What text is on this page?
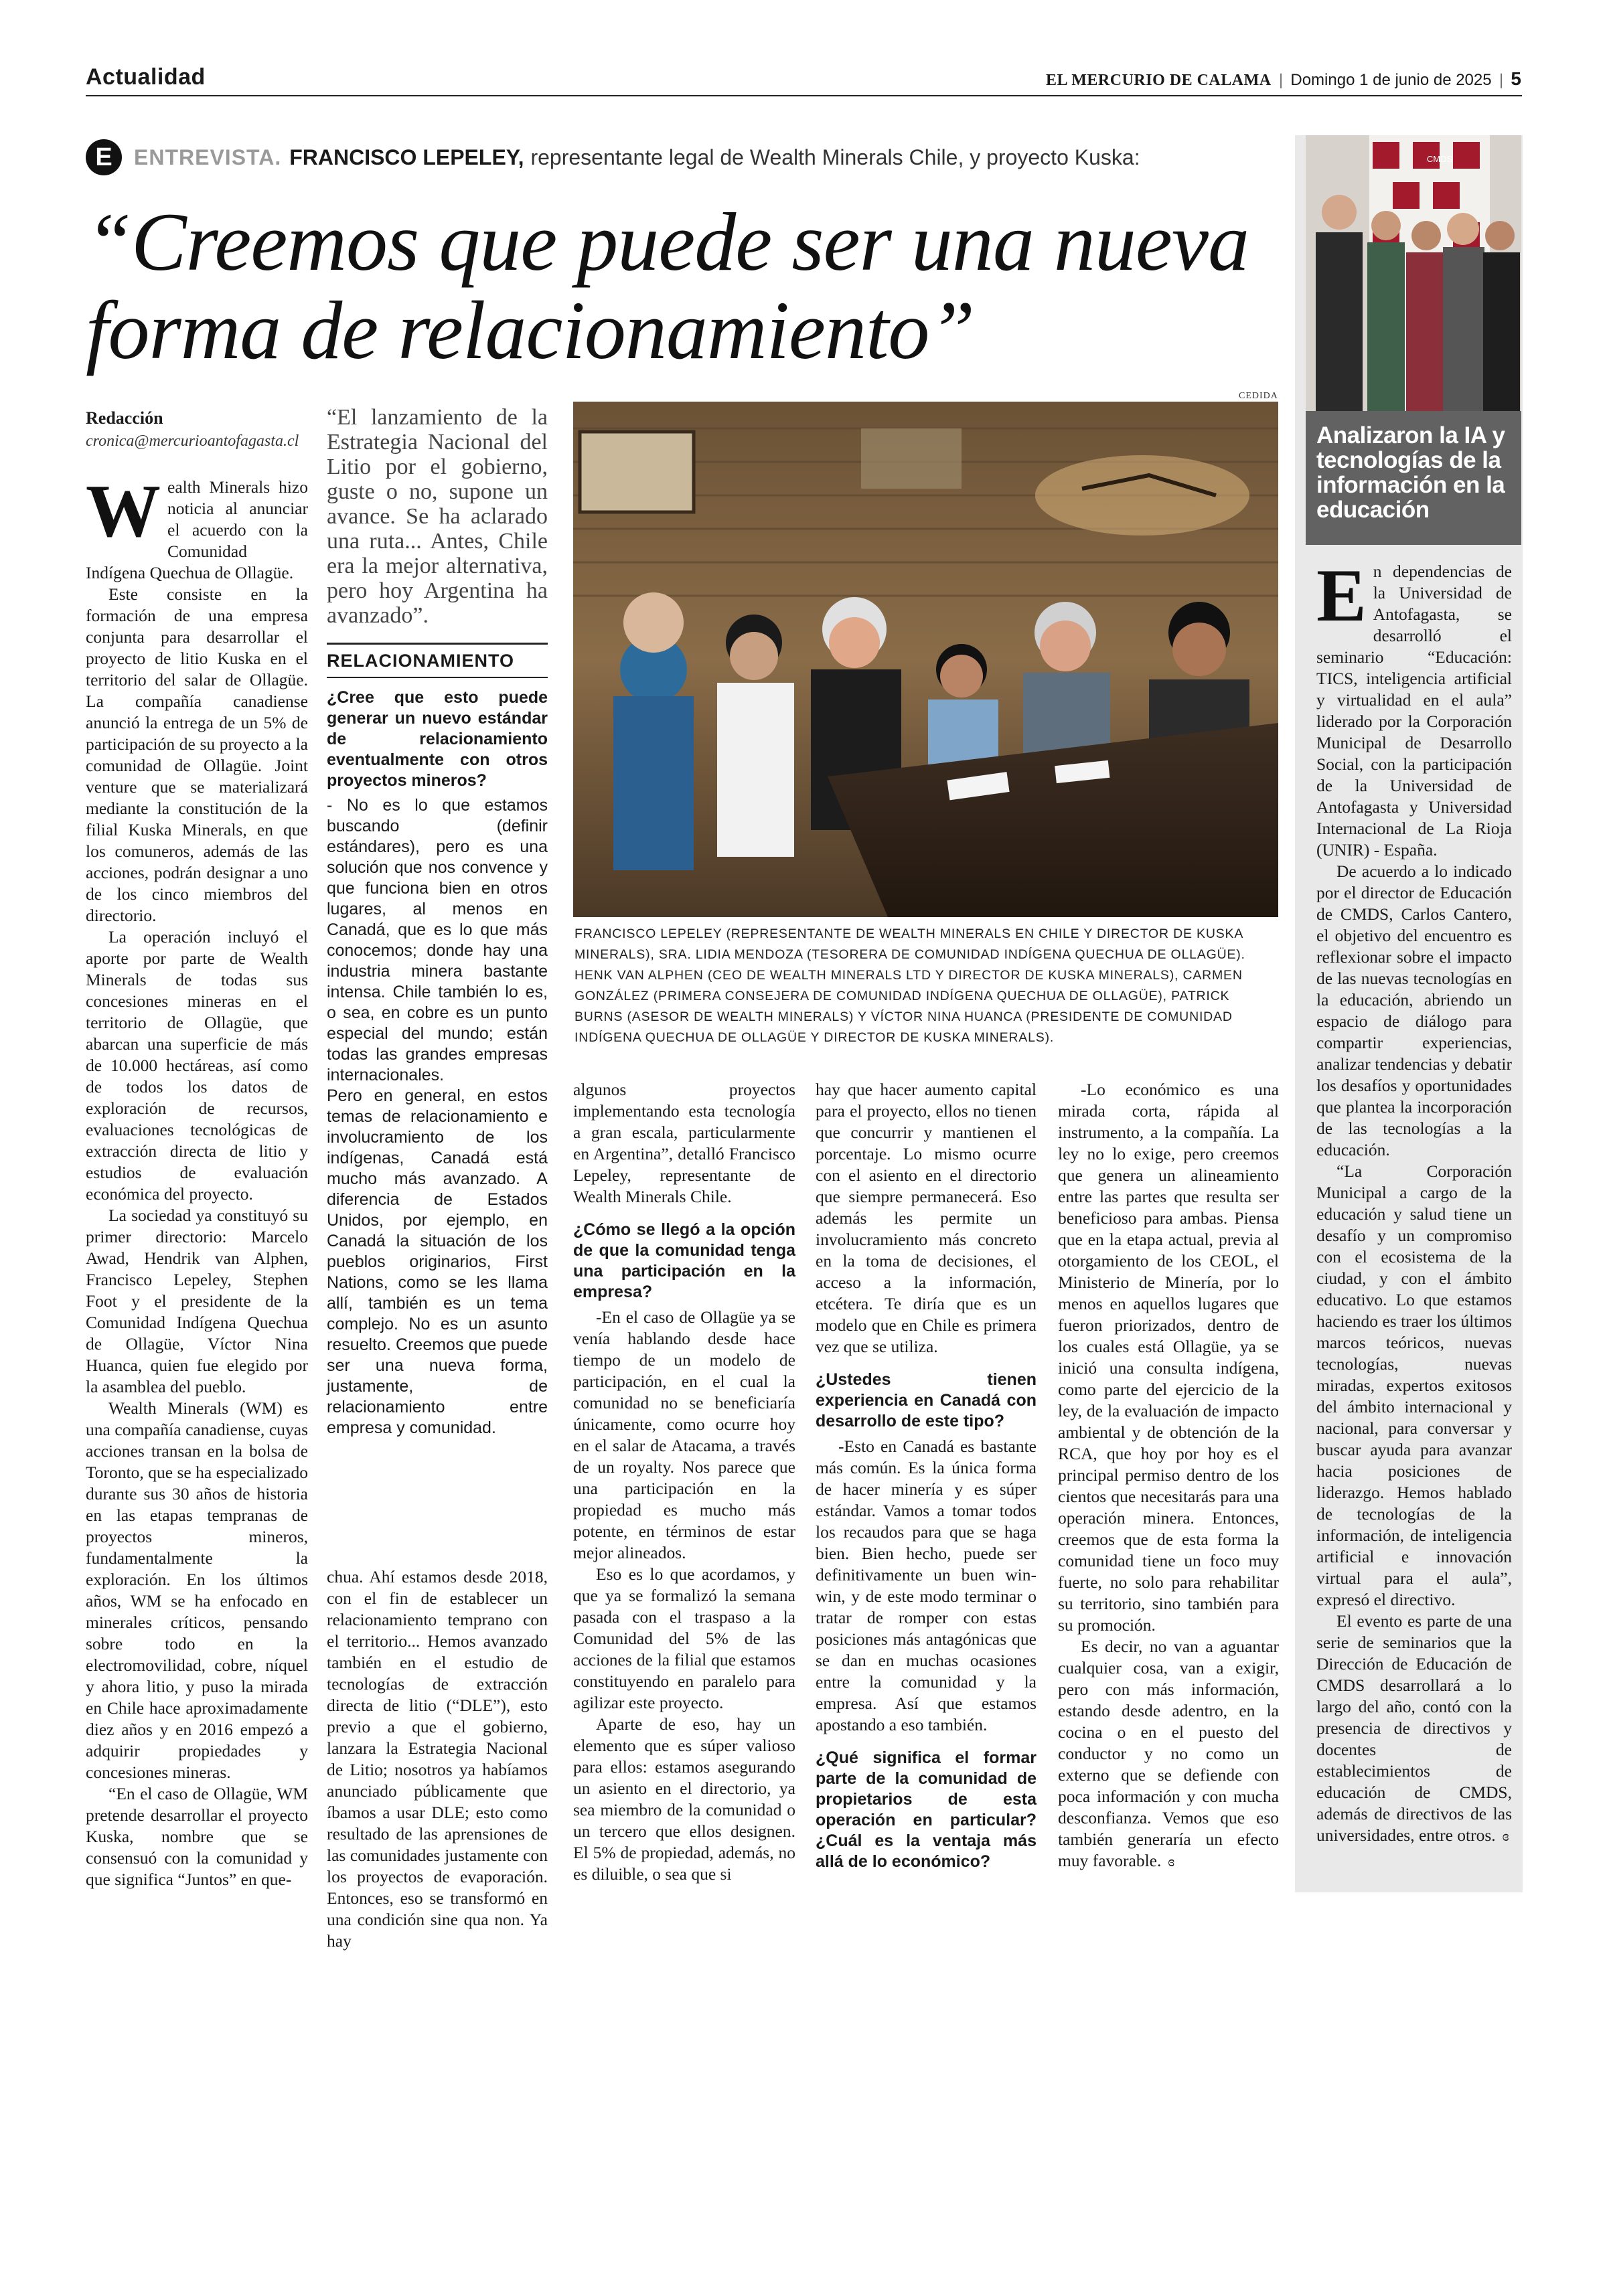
Actualidad	EL MERCURIO DE CALAMA | Domingo 1 de junio de 2025 | 5
E	ENTREVISTA. FRANCISCO LEPELEY, representante legal de Wealth Minerals Chile, y proyecto Kuska:
“Creemos que puede ser una nueva forma de relacionamiento”
Redacción
cronica@mercurioantofagasta.cl

Wealth Minerals hizo noticia al anunciar el acuerdo con la Comunidad Indígena Quechua de Ollagüe.

Este consiste en la formación de una empresa conjunta para desarrollar el proyecto de litio Kuska en el territorio del salar de Ollagüe. La compañía canadiense anunció la entrega de un 5% de participación de su proyecto a la comunidad de Ollagüe. Joint venture que se materializará mediante la constitución de la filial Kuska Minerals, en que los comuneros, además de las acciones, podrán designar a uno de los cinco miembros del directorio.

La operación incluyó el aporte por parte de Wealth Minerals de todas sus concesiones mineras en el territorio de Ollagüe, que abarcan una superficie de más de 10.000 hectáreas, así como de todos los datos de exploración de recursos, evaluaciones tecnológicas de extracción directa de litio y estudios de evaluación económica del proyecto.

La sociedad ya constituyó su primer directorio: Marcelo Awad, Hendrik van Alphen, Francisco Lepeley, Stephen Foot y el presidente de la Comunidad Indígena Quechua de Ollagüe, Víctor Nina Huanca, quien fue elegido por la asamblea del pueblo.

Wealth Minerals (WM) es una compañía canadiense, cuyas acciones transan en la bolsa de Toronto, que se ha especializado durante sus 30 años de historia en las etapas tempranas de proyectos mineros, fundamentalmente la exploración. En los últimos años, WM se ha enfocado en minerales críticos, pensando sobre todo en la electromovilidad, cobre, níquel y ahora litio, y puso la mirada en Chile hace aproximadamente diez años y en 2016 empezó a adquirir propiedades y concesiones mineras.

“En el caso de Ollagüe, WM pretende desarrollar el proyecto Kuska, nombre que se consensuó con la comunidad y que significa “Juntos” en que-

“El lanzamiento de la Estrategia Nacional del Litio por el gobierno, guste o no, supone un avance. Se ha aclarado una ruta... Antes, Chile era la mejor alternativa, pero hoy Argentina ha avanzado”.

RELACIONAMIENTO

¿Cree que esto puede generar un nuevo estándar de relacionamiento eventualmente con otros proyectos mineros?

- No es lo que estamos buscando (definir estándares), pero es una solución que nos convence y que funciona bien en otros lugares, al menos en Canadá, que es lo que más conocemos; donde hay una industria minera bastante intensa. Chile también lo es, o sea, en cobre es un punto especial del mundo; están todas las grandes empresas internacionales.

Pero en general, en estos temas de relacionamiento e involucramiento de los indígenas, Canadá está mucho más avanzado. A diferencia de Estados Unidos, por ejemplo, en Canadá la situación de los pueblos originarios, First Nations, como se les llama allí, también es un tema complejo. No es un asunto resuelto. Creemos que puede ser una nueva forma, justamente, de relacionamiento entre empresa y comunidad.

chua. Ahí estamos desde 2018, con el fin de establecer un relacionamiento temprano con el territorio... Hemos avanzado también en el estudio de tecnologías de extracción directa de litio (“DLE”), esto previo a que el gobierno, lanzara la Estrategia Nacional de Litio; nosotros ya habíamos anunciado públicamente que íbamos a usar DLE; esto como resultado de las aprensiones de las comunidades justamente con los proyectos de evaporación. Entonces, eso se transformó en una condición sine qua non. Ya hay

CEDIDA
FRANCISCO LEPELEY (REPRESENTANTE DE WEALTH MINERALS EN CHILE Y DIRECTOR DE KUSKA MINERALS), SRA. LIDIA MENDOZA (TESORERA DE COMUNIDAD INDÍGENA QUECHUA DE OLLAGÜE). HENK VAN ALPHEN (CEO DE WEALTH MINERALS LTD Y DIRECTOR DE KUSKA MINERALS), CARMEN GONZÁLEZ (PRIMERA CONSEJERA DE COMUNIDAD INDÍGENA QUECHUA DE OLLAGÜE), PATRICK BURNS (ASESOR DE WEALTH MINERALS) Y VÍCTOR NINA HUANCA (PRESIDENTE DE COMUNIDAD INDÍGENA QUECHUA DE OLLAGÜE Y DIRECTOR DE KUSKA MINERALS).

algunos proyectos implementando esta tecnología a gran escala, particularmente en Argentina”, detalló Francisco Lepeley, representante de Wealth Minerals Chile.

¿Cómo se llegó a la opción de que la comunidad tenga una participación en la empresa?

-En el caso de Ollagüe ya se venía hablando desde hace tiempo de un modelo de participación, en el cual la comunidad no se beneficiaría únicamente, como ocurre hoy en el salar de Atacama, a través de un royalty. Nos parece que una participación en la propiedad es mucho más potente, en términos de estar mejor alineados.

Eso es lo que acordamos, y que ya se formalizó la semana pasada con el traspaso a la Comunidad del 5% de las acciones de la filial que estamos constituyendo en paralelo para agilizar este proyecto.

Aparte de eso, hay un elemento que es súper valioso para ellos: estamos asegurando un asiento en el directorio, ya sea miembro de la comunidad o un tercero que ellos designen. El 5% de propiedad, además, no es diluible, o sea que si

hay que hacer aumento capital para el proyecto, ellos no tienen que concurrir y mantienen el porcentaje. Lo mismo ocurre con el asiento en el directorio que siempre permanecerá. Eso además les permite un involucramiento más concreto en la toma de decisiones, el acceso a la información, etcétera. Te diría que es un modelo que en Chile es primera vez que se utiliza.

¿Ustedes tienen experiencia en Canadá con desarrollo de este tipo?

-Esto en Canadá es bastante más común. Es la única forma de hacer minería y es súper estándar. Vamos a tomar todos los recaudos para que se haga bien. Bien hecho, puede ser definitivamente un buen win-win, y de este modo terminar o tratar de romper con estas posiciones más antagónicas que se dan en muchas ocasiones entre la comunidad y la empresa. Así que estamos apostando a eso también.

¿Qué significa el formar parte de la comunidad de propietarios de esta operación en particular? ¿Cuál es la ventaja más allá de lo económico?

-Lo económico es una mirada corta, rápida al instrumento, a la compañía. La ley no lo exige, pero creemos que genera un alineamiento entre las partes que resulta ser beneficioso para ambas. Piensa que en la etapa actual, previa al otorgamiento de los CEOL, el Ministerio de Minería, por lo menos en aquellos lugares que fueron priorizados, dentro de los cuales está Ollagüe, ya se inició una consulta indígena, como parte del ejercicio de la ley, de la evaluación de impacto ambiental y de obtención de la RCA, que hoy por hoy es el principal permiso dentro de los cientos que necesitarás para una operación minera. Entonces, creemos que de esta forma la comunidad tiene un foco muy fuerte, no solo para rehabilitar su territorio, sino también para su promoción.

Es decir, no van a aguantar cualquier cosa, van a exigir, pero con más información, estando desde adentro, en la cocina o en el puesto del conductor y no como un externo que se defiende con poca información y con mucha desconfianza. Vemos que eso también generaría un efecto muy favorable. ɞ

CMDS
Analizaron la IA y tecnologías de la información en la educación

En dependencias de la Universidad de Antofagasta, se desarrolló el seminario “Educación: TICS, inteligencia artificial y virtualidad en el aula” liderado por la Corporación Municipal de Desarrollo Social, con la participación de la Universidad de Antofagasta y Universidad Internacional de La Rioja (UNIR) - España.

De acuerdo a lo indicado por el director de Educación de CMDS, Carlos Cantero, el objetivo del encuentro es reflexionar sobre el impacto de las nuevas tecnologías en la educación, abriendo un espacio de diálogo para compartir experiencias, analizar tendencias y debatir los desafíos y oportunidades que plantea la incorporación de las tecnologías a la educación.

“La Corporación Municipal a cargo de la educación y salud tiene un desafío y un compromiso con el ecosistema de la ciudad, y con el ámbito educativo. Lo que estamos haciendo es traer los últimos marcos teóricos, nuevas tecnologías, nuevas miradas, expertos exitosos del ámbito internacional y nacional, para conversar y buscar ayuda para avanzar hacia posiciones de liderazgo. Hemos hablado de tecnologías de la información, de inteligencia artificial e innovación virtual para el aula”, expresó el directivo.

El evento es parte de una serie de seminarios que la Dirección de Educación de CMDS desarrollará a lo largo del año, contó con la presencia de directivos y docentes de establecimientos de educación de CMDS, además de directivos de las universidades, entre otros. ɞ
